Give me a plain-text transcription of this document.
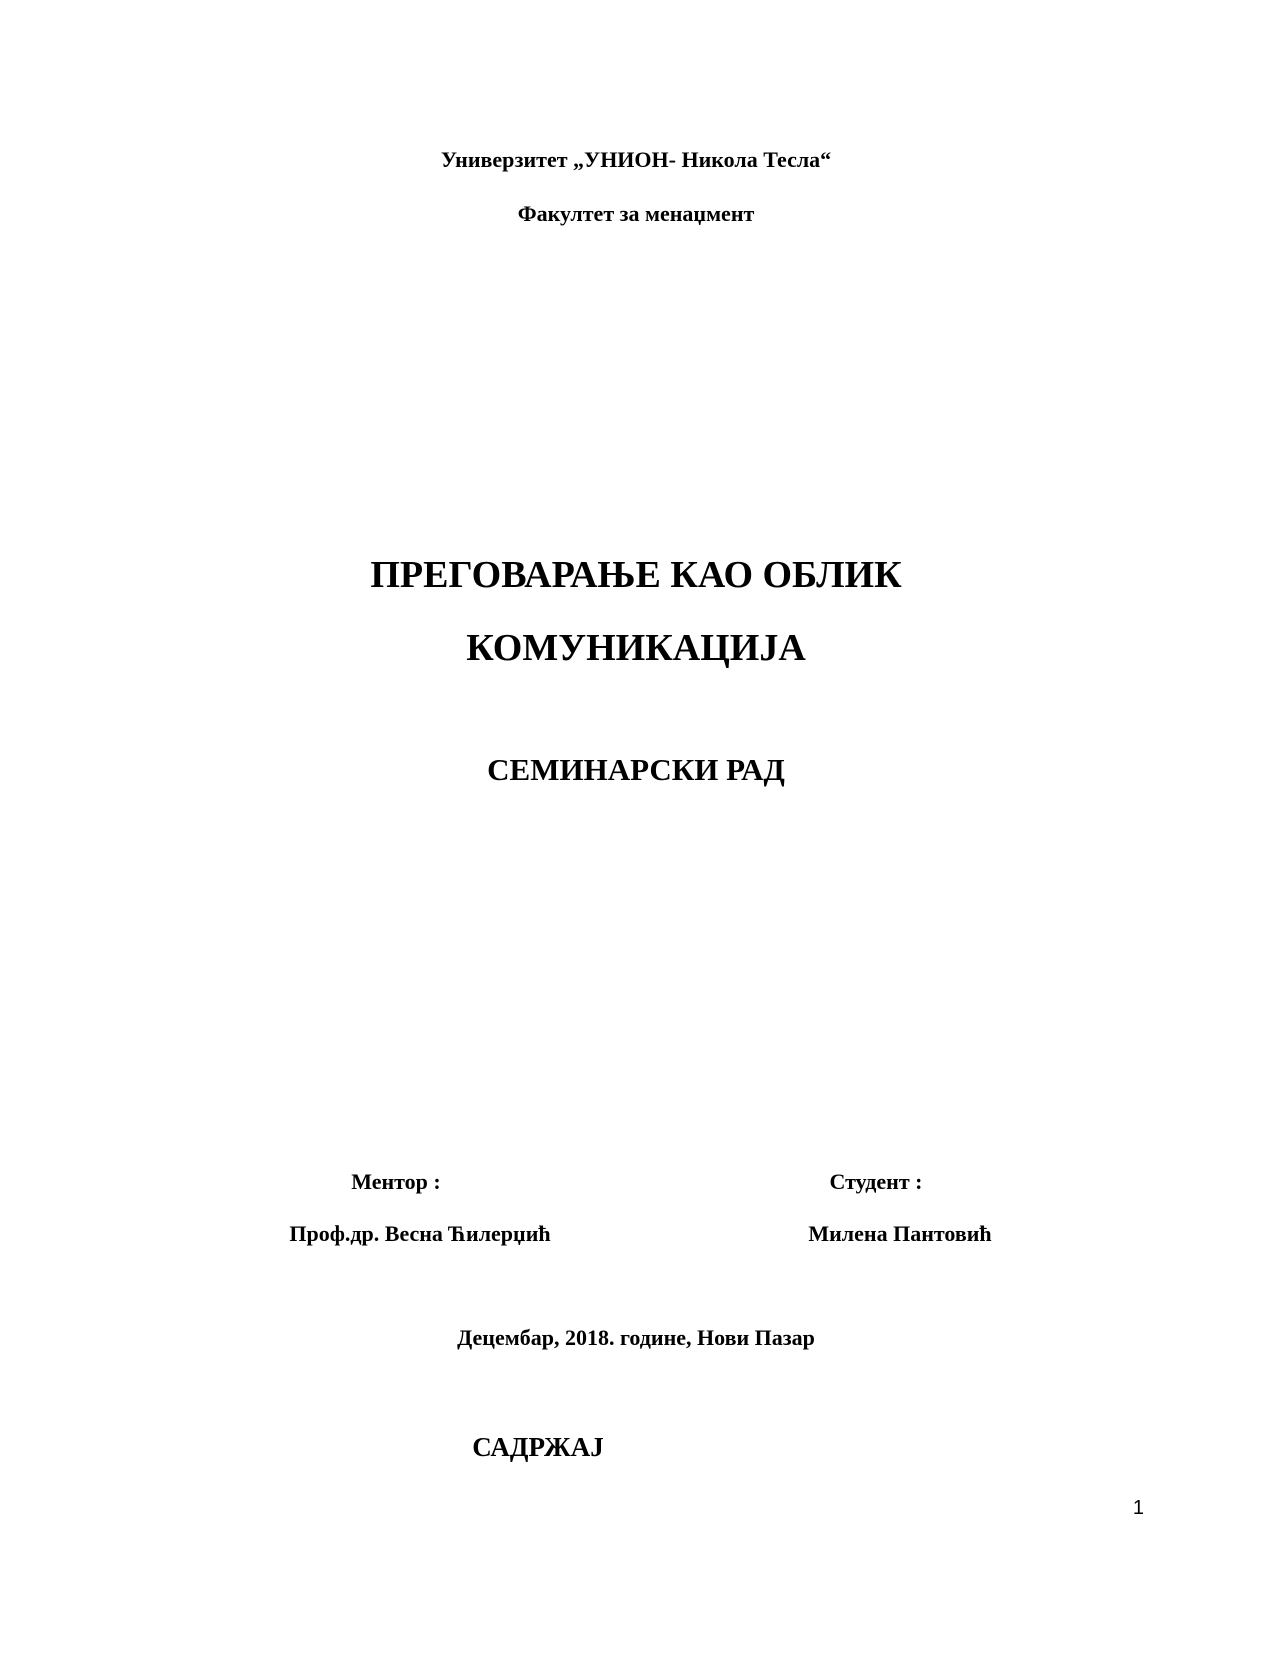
Универзитет „УНИОН- Никола Тесла“
Факултет за менаџмент
ПРЕГОВАРАЊЕ КАО ОБЛИК
КОМУНИКАЦИЈА
СЕМИНАРСКИ РАД
Ментор :
Проф.др. Весна Ћилерџић
Студент :
Милена Пантовић
Децембар, 2018. године, Нови Пазар
САДРЖАЈ
1
